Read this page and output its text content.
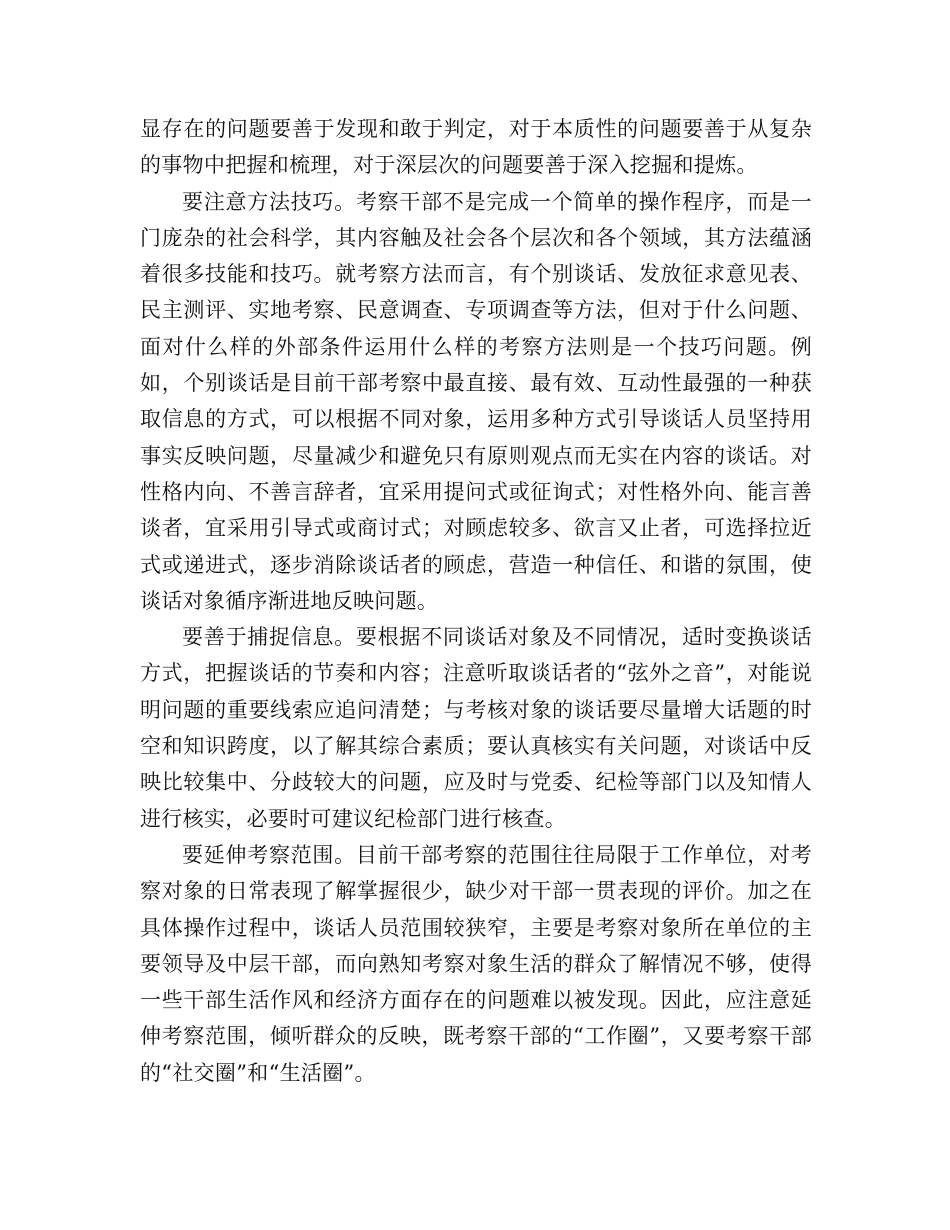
显存在的问题要善于发现和敢于判定，对于本质性的问题要善于从复杂的事物中把握和梳理，对于深层次的问题要善于深入挖掘和提炼。

要注意方法技巧。考察干部不是完成一个简单的操作程序，而是一门庞杂的社会科学，其内容触及社会各个层次和各个领域，其方法蕴涵着很多技能和技巧。就考察方法而言，有个别谈话、发放征求意见表、民主测评、实地考察、民意调查、专项调查等方法，但对于什么问题、面对什么样的外部条件运用什么样的考察方法则是一个技巧问题。例如，个别谈话是目前干部考察中最直接、最有效、互动性最强的一种获取信息的方式，可以根据不同对象，运用多种方式引导谈话人员坚持用事实反映问题，尽量减少和避免只有原则观点而无实在内容的谈话。对性格内向、不善言辞者，宜采用提问式或征询式；对性格外向、能言善谈者，宜采用引导式或商讨式；对顾虑较多、欲言又止者，可选择拉近式或递进式，逐步消除谈话者的顾虑，营造一种信任、和谐的氛围，使谈话对象循序渐进地反映问题。

要善于捕捉信息。要根据不同谈话对象及不同情况，适时变换谈话方式，把握谈话的节奏和内容；注意听取谈话者的“弦外之音”，对能说明问题的重要线索应追问清楚；与考核对象的谈话要尽量增大话题的时空和知识跨度，以了解其综合素质；要认真核实有关问题，对谈话中反映比较集中、分歧较大的问题，应及时与党委、纪检等部门以及知情人进行核实，必要时可建议纪检部门进行核查。

要延伸考察范围。目前干部考察的范围往往局限于工作单位，对考察对象的日常表现了解掌握很少，缺少对干部一贯表现的评价。加之在具体操作过程中，谈话人员范围较狭窄，主要是考察对象所在单位的主要领导及中层干部，而向熟知考察对象生活的群众了解情况不够，使得一些干部生活作风和经济方面存在的问题难以被发现。因此，应注意延伸考察范围，倾听群众的反映，既考察干部的“工作圈”，又要考察干部的“社交圈”和“生活圈”。
